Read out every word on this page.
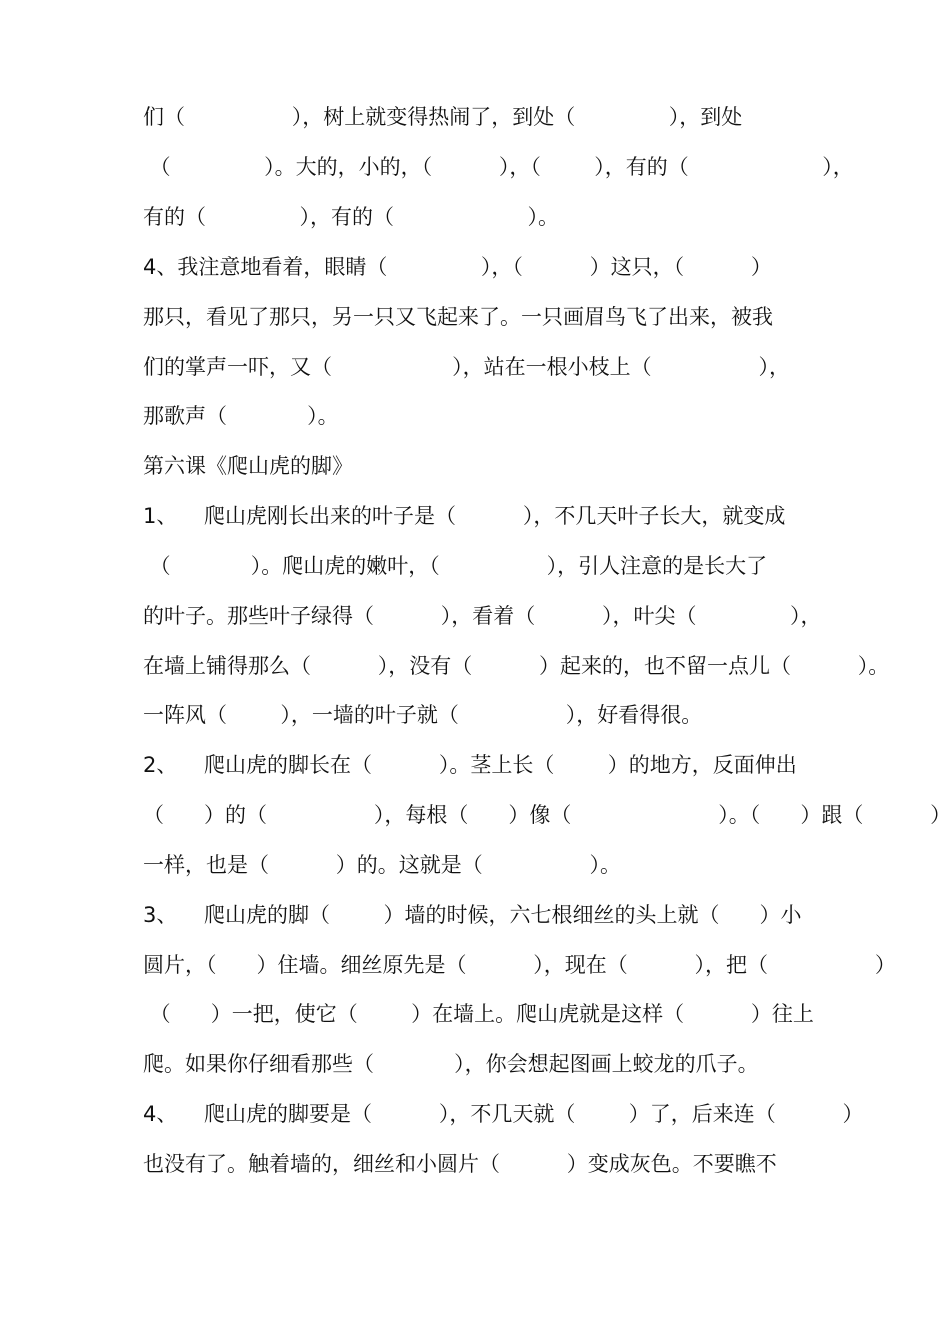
们（                ），树上就变得热闹了，到处（              ），到处
（              ）。大的，小的，（          ），（        ），有的（                    ），
有的（              ），有的（                    ）。
4、我注意地看着，眼睛（              ），（          ）这只，（          ）
那只，看见了那只，另一只又飞起来了。一只画眉鸟飞了出来，被我
们的掌声一吓，又（                  ），站在一根小枝上（                ），
那歌声（            ）。
第六课《爬山虎的脚》
1、    爬山虎刚长出来的叶子是（          ），不几天叶子长大，就变成
（            ）。爬山虎的嫩叶，（                ），引人注意的是长大了
的叶子。那些叶子绿得（          ），看着（          ），叶尖（              ），
在墙上铺得那么（          ），没有（          ）起来的，也不留一点儿（          ）。
一阵风（        ），一墙的叶子就（                ），好看得很。
2、    爬山虎的脚长在（          ）。茎上长（        ）的地方，反面伸出
（      ）的（                ），每根（      ）像（                      ）。（      ）跟（          ）
一样，也是（          ）的。这就是（                ）。
3、    爬山虎的脚（        ）墙的时候，六七根细丝的头上就（      ）小
圆片，（      ）住墙。细丝原先是（          ），现在（          ），把（                ）
（      ）一把，使它（        ）在墙上。爬山虎就是这样（          ）往上
爬。如果你仔细看那些（            ），你会想起图画上蛟龙的爪子。
4、    爬山虎的脚要是（          ），不几天就（        ）了，后来连（          ）
也没有了。触着墙的，细丝和小圆片（          ）变成灰色。不要瞧不
